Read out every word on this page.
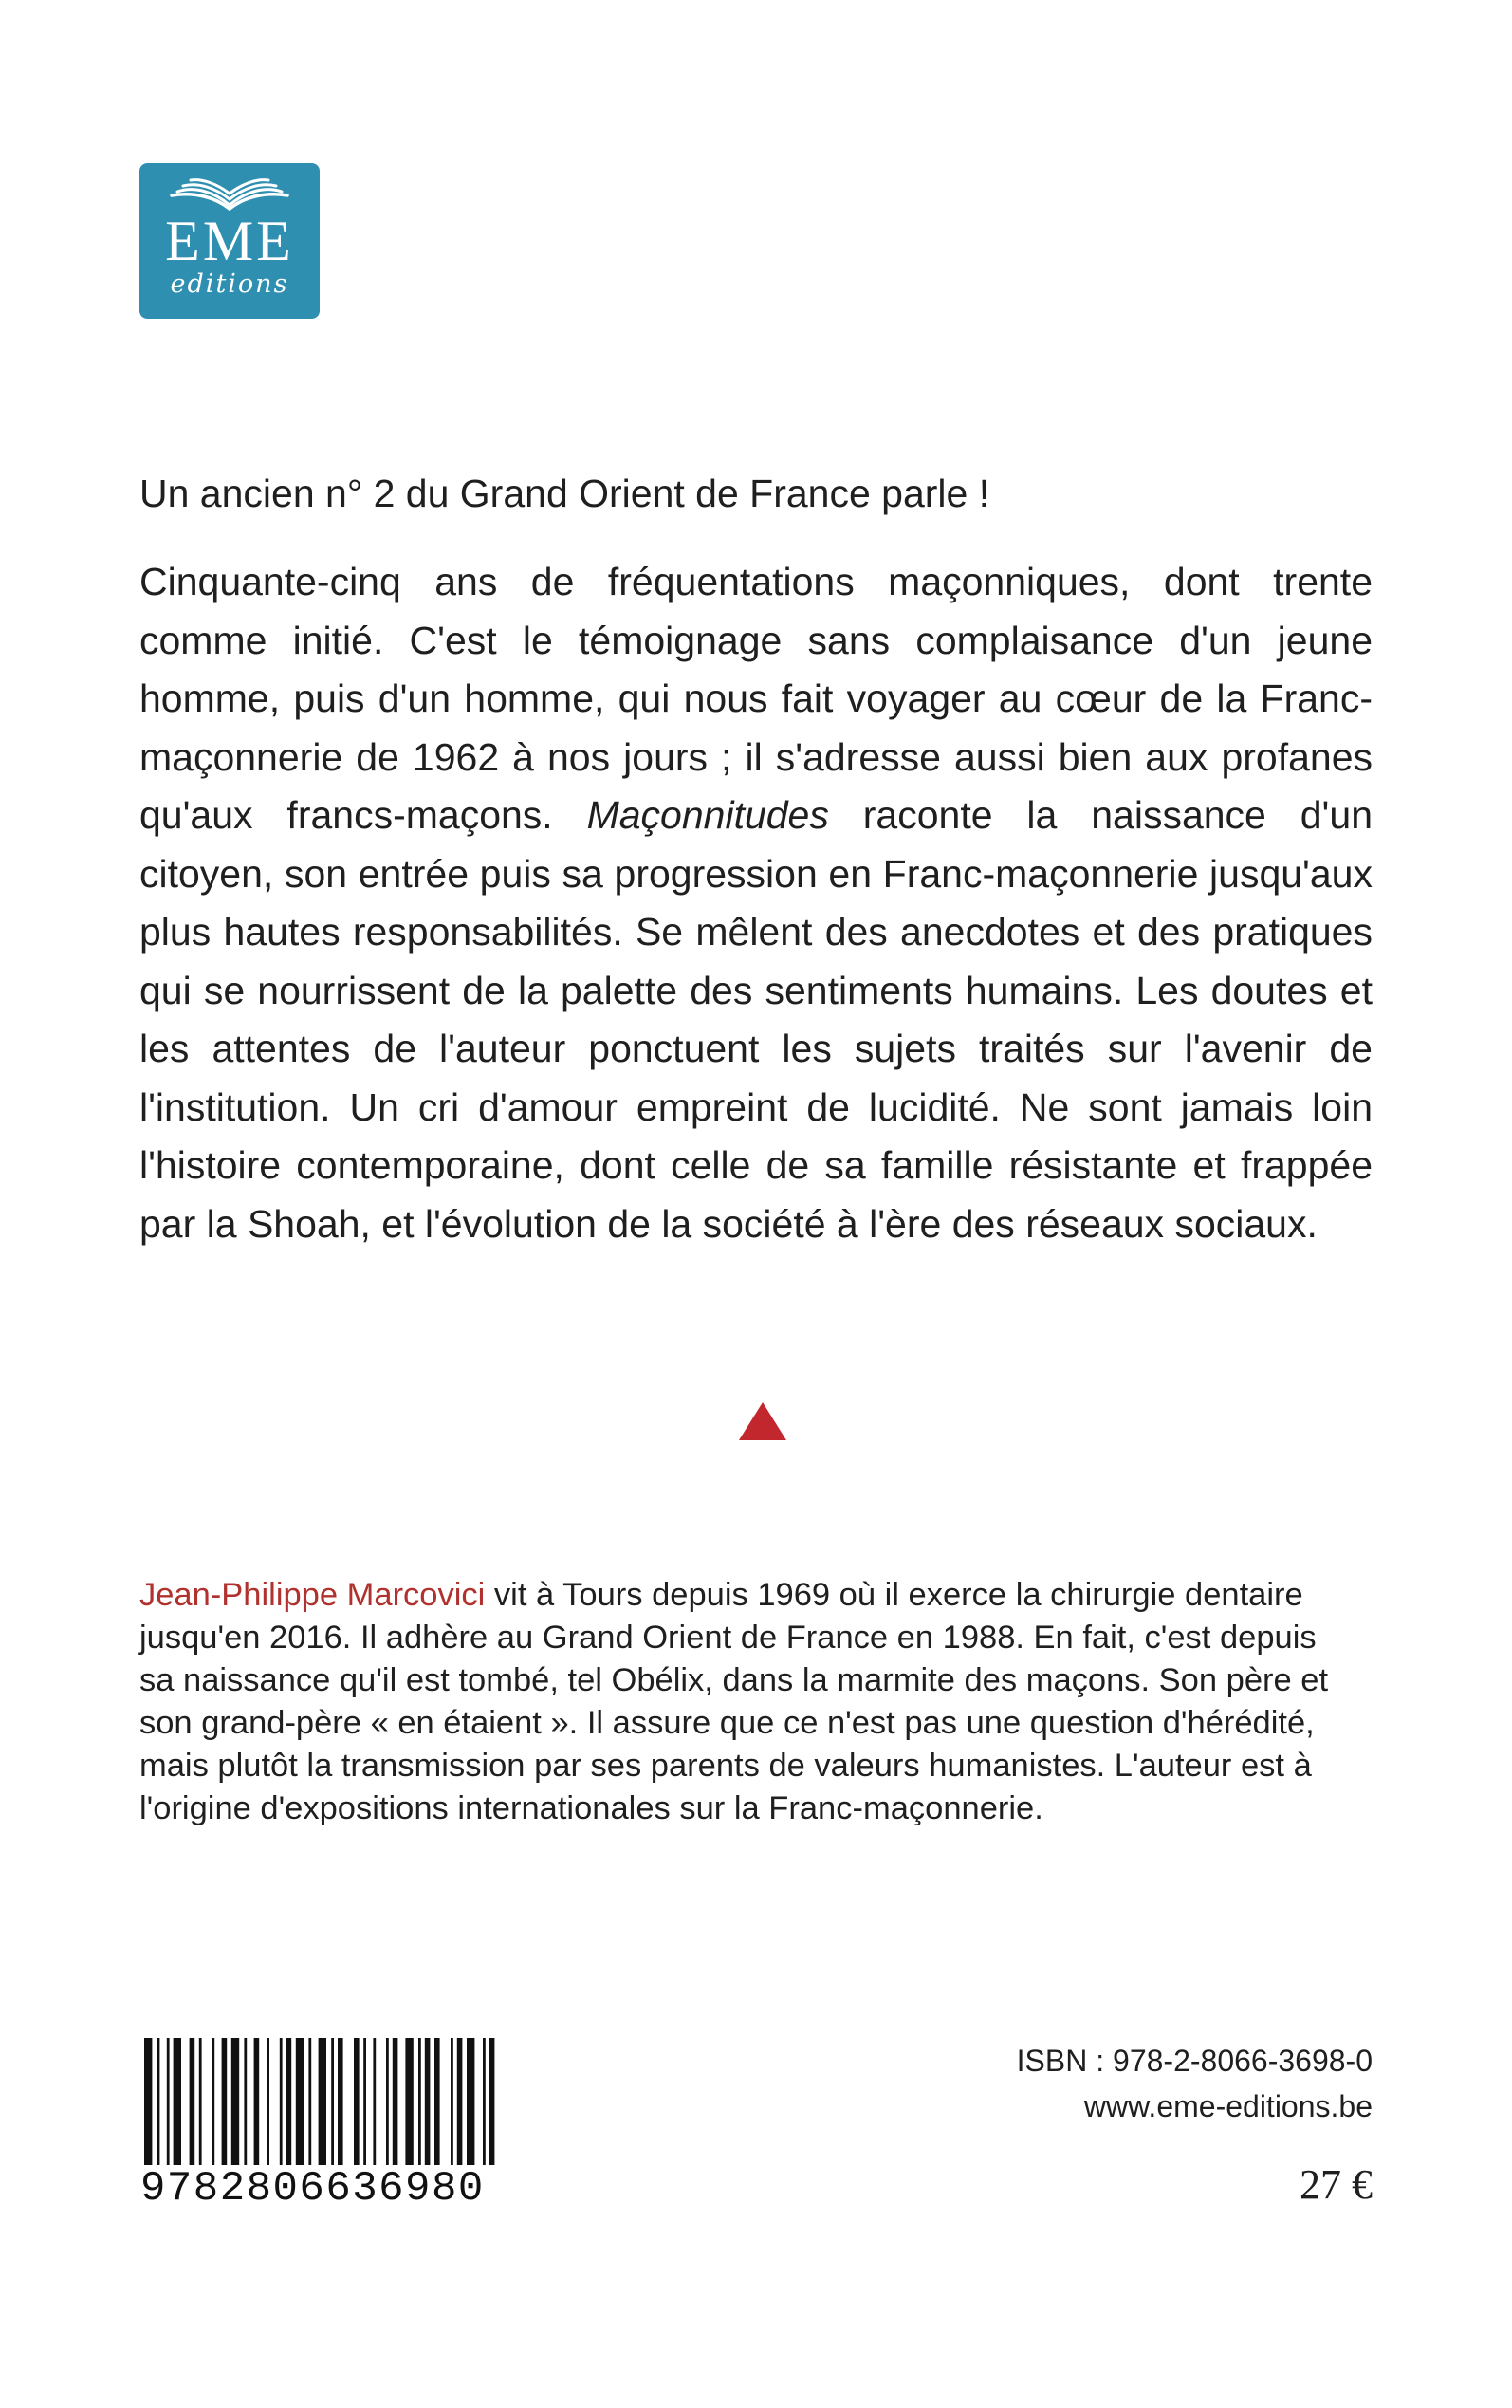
EME
editions

Un ancien n° 2 du Grand Orient de France parle !

Cinquante-cinq ans de fréquentations maçonniques, dont trente comme initié. C'est le témoignage sans complaisance d'un jeune homme, puis d'un homme, qui nous fait voyager au cœur de la Franc-maçonnerie de 1962 à nos jours ; il s'adresse aussi bien aux profanes qu'aux francs-maçons. Maçonnitudes raconte la naissance d'un citoyen, son entrée puis sa progression en Franc-maçonnerie jusqu'aux plus hautes responsabilités. Se mêlent des anecdotes et des pratiques qui se nourrissent de la palette des sentiments humains. Les doutes et les attentes de l'auteur ponctuent les sujets traités sur l'avenir de l'institution. Un cri d'amour empreint de lucidité. Ne sont jamais loin l'histoire contemporaine, dont celle de sa famille résistante et frappée par la Shoah, et l'évolution de la société à l'ère des réseaux sociaux.

Jean-Philippe Marcovici vit à Tours depuis 1969 où il exerce la chirurgie dentaire jusqu'en 2016. Il adhère au Grand Orient de France en 1988. En fait, c'est depuis sa naissance qu'il est tombé, tel Obélix, dans la marmite des maçons. Son père et son grand-père « en étaient ». Il assure que ce n'est pas une question d'hérédité, mais plutôt la transmission par ses parents de valeurs humanistes. L'auteur est à l'origine d'expositions internationales sur la Franc-maçonnerie.

9782806636980
ISBN : 978-2-8066-3698-0
www.eme-editions.be
27 €
